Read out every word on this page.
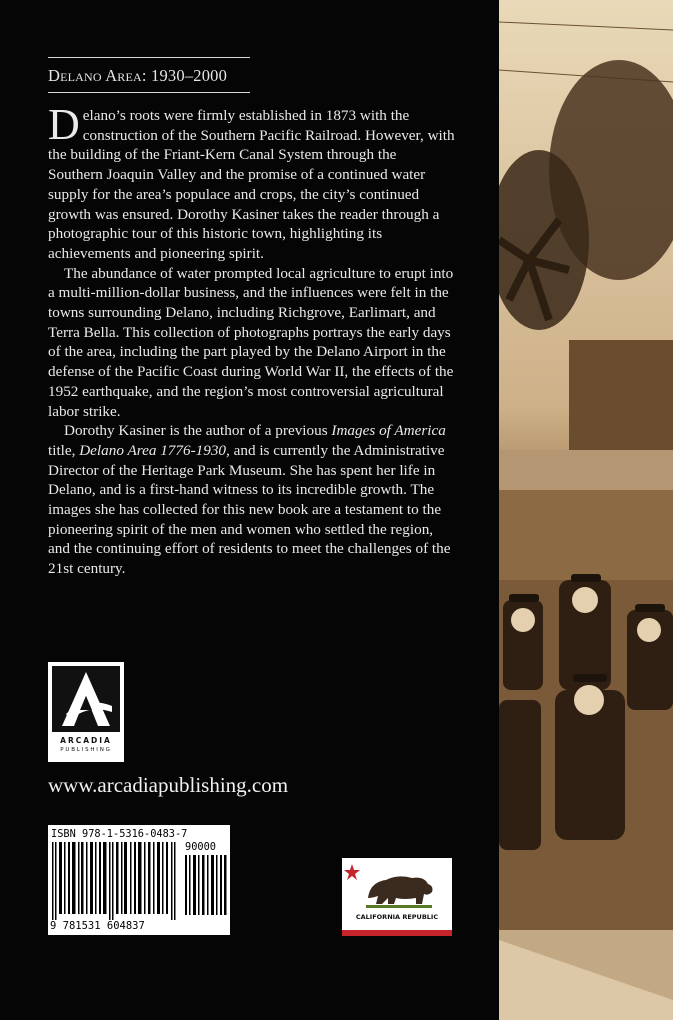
Delano Area: 1930–2000

Delano’s roots were firmly established in 1873 with the construction of the Southern Pacific Railroad. However, with the building of the Friant-Kern Canal System through the Southern Joaquin Valley and the promise of a continued water supply for the area’s populace and crops, the city’s continued growth was ensured. Dorothy Kasiner takes the reader through a photographic tour of this historic town, highlighting its achievements and pioneering spirit.

The abundance of water prompted local agriculture to erupt into a multi-million-dollar business, and the influences were felt in the towns surrounding Delano, including Richgrove, Earlimart, and Terra Bella. This collection of photographs portrays the early days of the area, including the part played by the Delano Airport in the defense of the Pacific Coast during World War II, the effects of the 1952 earthquake, and the region’s most controversial agricultural labor strike.

Dorothy Kasiner is the author of a previous Images of America title, Delano Area 1776-1930, and is currently the Administrative Director of the Heritage Park Museum. She has spent her life in Delano, and is a first-hand witness to its incredible growth. The images she has collected for this new book are a testament to the pioneering spirit of the men and women who settled the region, and the continuing effort of residents to meet the challenges of the 21st century.

ARCADIA
PUBLISHING
www.arcadiapublishing.com
ISBN 978-1-5316-0483-7
90000
9 781531 604837
CALIFORNIA REPUBLIC
